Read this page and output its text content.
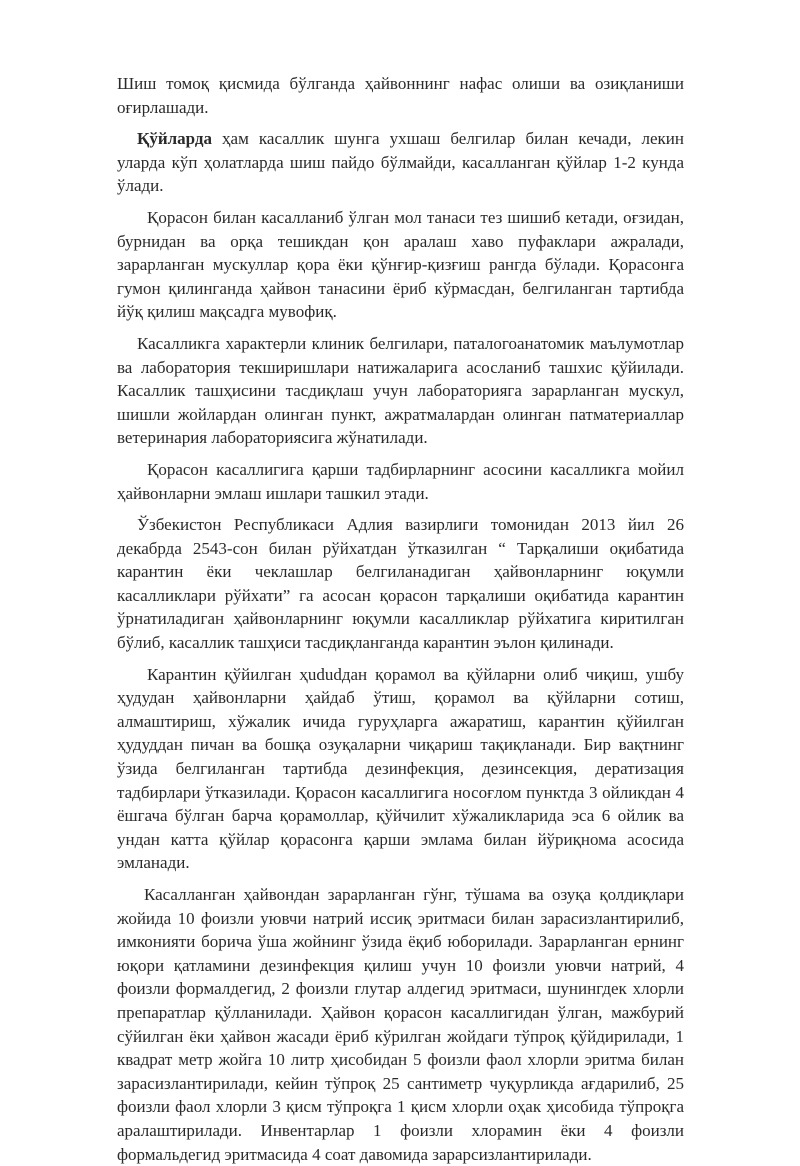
Шиш томоқ қисмида бўлганда ҳайвоннинг нафас олиши ва озиқланиши оғирлашади.

Қўйларда ҳам касаллик шунга ухшаш белгилар билан кечади, лекин уларда кўп ҳолатларда шиш пайдо бўлмайди, касалланган қўйлар 1-2 кунда ўлади.

Қорасон билан касалланиб ўлган мол танаси тез шишиб кетади, оғзидан, бурнидан ва орқа тешикдан қон аралаш хаво пуфаклари ажралади, зарарланган мускуллар қора ёки қўнғир-қизғиш рангда бўлади. Қорасонга гумон қилинганда ҳайвон танасини ёриб кўрмасдан, белгиланган тартибда йўқ қилиш мақсадга мувофиқ.

Касалликга характерли клиник белгилари, паталогоанатомик маълумотлар ва лаборатория текширишлари натижаларига асосланиб ташхис қўйилади. Касаллик ташҳисини тасдиқлаш учун лабораторияга зарарланган мускул, шишли жойлардан олинган пункт, ажратмалардан олинган патматериаллар ветеринария лабораториясига жўнатилади.

Қорасон касаллигига қарши тадбирларнинг асосини касалликга мойил ҳайвонларни эмлаш ишлари ташкил этади.

Ўзбекистон Республикаси Адлия вазирлиги томонидан 2013 йил 26 декабрда 2543-сон билан рўйхатдан ўтказилган “ Тарқалиши оқибатида карантин ёки чеклашлар белгиланадиган ҳайвонларнинг юқумли касалликлари рўйхати” га асосан қорасон тарқалиши оқибатида карантин ўрнатиладиган ҳайвонларнинг юқумли касалликлар рўйхатига киритилган бўлиб, касаллик ташҳиси тасдиқланганда карантин эълон қилинади.

Карантин қўйилган ҳududдан қорамол ва қўйларни олиб чиқиш, ушбу ҳудудан ҳайвонларни ҳайдаб ўтиш, қорамол ва қўйларни сотиш, алмаштириш, хўжалик ичида гуруҳларга ажаратиш, карантин қўйилган ҳудуддан пичан ва бошқа озуқаларни чиқариш тақиқланади. Бир вақтнинг ўзида белгиланган тартибда дезинфекция, дезинсекция, дератизация тадбирлари ўтказилади. Қорасон касаллигига носоғлом пунктда 3 ойликдан 4 ёшгача бўлган барча қорамоллар, қўйчилит хўжаликларида эса 6 ойлик ва ундан катта қўйлар қорасонга қарши эмлама билан йўриқнома асосида эмланади.

Касалланган ҳайвондан зарарланган гўнг, тўшама ва озуқа қолдиқлари жойида 10 фоизли уювчи натрий иссиқ эритмаси билан зарасизлантирилиб, имконияти борича ўша жойнинг ўзида ёқиб юборилади. Зарарланган ернинг юқори қатламини дезинфекция қилиш учун 10 фоизли уювчи натрий, 4 фоизли формалдегид, 2 фоизли глутар алдегид эритмаси, шунингдек хлорли препаратлар қўлланилади. Ҳайвон қорасон касаллигидан ўлган, мажбурий сўйилган ёки ҳайвон жасади ёриб кўрилган жойдаги тўпроқ қўйдирилади, 1 квадрат метр жойга 10 литр ҳисобидан 5 фоизли фаол хлорли эритма билан зарасизлантирилади, кейин тўпроқ 25 сантиметр чуқурликда ағдарилиб, 25 фоизли фаол хлорли 3 қисм тўпроқга 1 қисм хлорли оҳак ҳисобида тўпроқга аралаштирилади. Инвентарлар 1 фоизли хлорамин ёки 4 фоизли формальдегид эритмасида 4 соат давомида зарарсизлантирилади.
